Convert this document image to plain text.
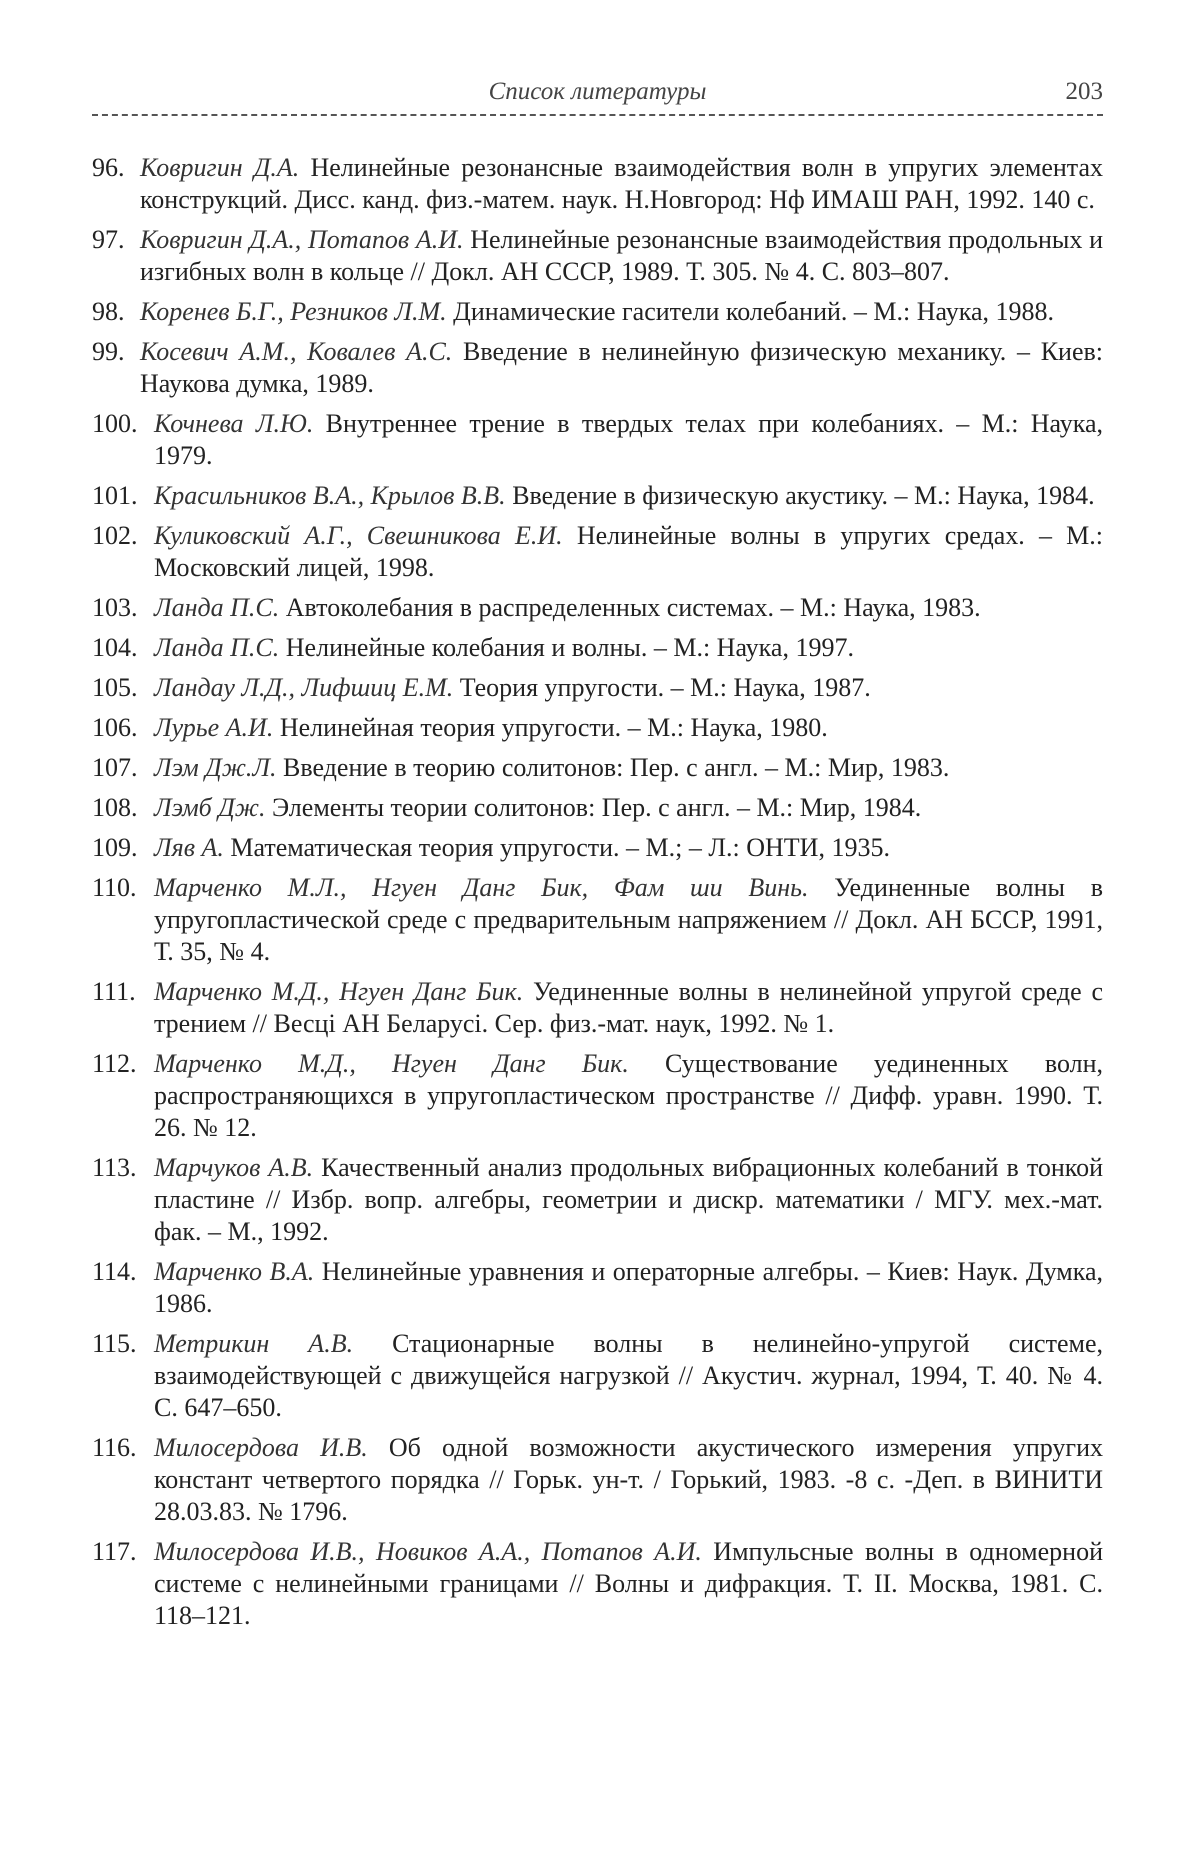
Список литературы	203
96. Ковригин Д.А. Нелинейные резонансные взаимодействия волн в упругих элементах конструкций. Дисс. канд. физ.-матем. наук. Н.Новгород: Нф ИМАШ РАН, 1992. 140 с.
97. Ковригин Д.А., Потапов А.И. Нелинейные резонансные взаимодействия продольных и изгибных волн в кольце // Докл. АН СССР, 1989. Т. 305. № 4. С. 803–807.
98. Коренев Б.Г., Резников Л.М. Динамические гасители колебаний. – М.: Наука, 1988.
99. Косевич А.М., Ковалев А.С. Введение в нелинейную физическую механику. – Киев: Наукова думка, 1989.
100. Кочнева Л.Ю. Внутреннее трение в твердых телах при колебаниях. – М.: Наука, 1979.
101. Красильников В.А., Крылов В.В. Введение в физическую акустику. – М.: Наука, 1984.
102. Куликовский А.Г., Свешникова Е.И. Нелинейные волны в упругих средах. – М.: Московский лицей, 1998.
103. Ланда П.С. Автоколебания в распределенных системах. – М.: Наука, 1983.
104. Ланда П.С. Нелинейные колебания и волны. – М.: Наука, 1997.
105. Ландау Л.Д., Лифшиц Е.М. Теория упругости. – М.: Наука, 1987.
106. Лурье А.И. Нелинейная теория упругости. – М.: Наука, 1980.
107. Лэм Дж.Л. Введение в теорию солитонов: Пер. с англ. – М.: Мир, 1983.
108. Лэмб Дж. Элементы теории солитонов: Пер. с англ. – М.: Мир, 1984.
109. Ляв А. Математическая теория упругости. – М.; – Л.: ОНТИ, 1935.
110. Марченко М.Л., Нгуен Данг Бик, Фам ши Винь. Уединенные волны в упругопластической среде с предварительным напряжением // Докл. АН БССР, 1991, Т. 35, № 4.
111. Марченко М.Д., Нгуен Данг Бик. Уединенные волны в нелинейной упругой среде с трением // Весці АН Беларусі. Сер. физ.-мат. наук, 1992. № 1.
112. Марченко М.Д., Нгуен Данг Бик. Существование уединенных волн, распространяющихся в упругопластическом пространстве // Дифф. уравн. 1990. Т. 26. № 12.
113. Марчуков А.В. Качественный анализ продольных вибрационных колебаний в тонкой пластине // Избр. вопр. алгебры, геометрии и дискр. математики / МГУ. мех.-мат. фак. – М., 1992.
114. Марченко В.А. Нелинейные уравнения и операторные алгебры. – Киев: Наук. Думка, 1986.
115. Метрикин А.В. Стационарные волны в нелинейно-упругой системе, взаимодействующей с движущейся нагрузкой // Акустич. журнал, 1994, Т. 40. № 4. С. 647–650.
116. Милосердова И.В. Об одной возможности акустического измерения упругих констант четвертого порядка // Горьк. ун-т. / Горький, 1983. -8 с. -Деп. в ВИНИТИ 28.03.83. № 1796.
117. Милосердова И.В., Новиков А.А., Потапов А.И. Импульсные волны в одномерной системе с нелинейными границами // Волны и дифракция. Т. II. Москва, 1981. С. 118–121.
